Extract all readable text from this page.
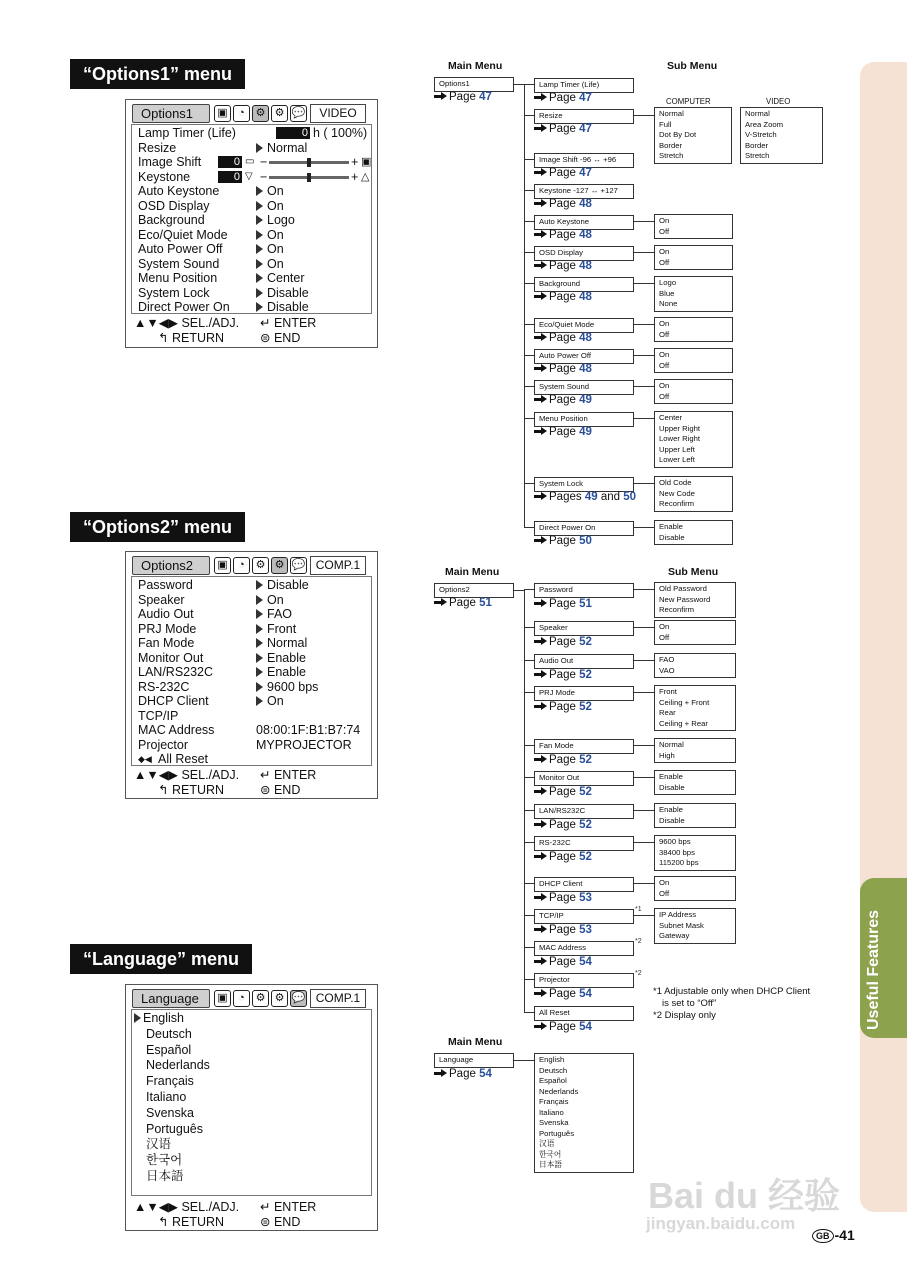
Useful Features
“Options1” menu
Options1	▣ ◔ ⚙ ⚙ 💬	VIDEO
Lamp Timer (Life)	0 h ( 100%)
Resize	Normal
Image Shift	0 ▭ −	+ ▣
Keystone	0 ▽ −	+ △
Auto Keystone	On
OSD Display	On
Background	Logo
Eco/Quiet Mode	On
Auto Power Off	On
System Sound	On
Menu Position	Center
System Lock	Disable
Direct Power On	Disable
▲▼◀▶ SEL./ADJ. ↵ ENTER
↰ RETURN	⊜ END
“Options2” menu
Options2	▣ ◔ ⚙ ⚙ 💬 COMP.1
Password	Disable
Speaker	On
Audio Out	FAO
PRJ Mode	Front
Fan Mode	Normal
Monitor Out	Enable
LAN/RS232C	Enable
RS-232C	9600 bps
DHCP Client	On
TCP/IP
MAC Address	08:00:1F:B1:B7:74
Projector	MYPROJECTOR
All Reset
◆◀
▲▼◀▶ SEL./ADJ. ↵ ENTER
↰ RETURN	⊜ END
“Language” menu
Language	▣ ◔ ⚙ ⚙ 💬 COMP.1
English
Deutsch
Español
Nederlands
Français
Italiano
Svenska
Português
汉语
한국어
日本語
▲▼◀▶ SEL./ADJ. ↵ ENTER
↰ RETURN	⊜ END
Main Menu	Sub Menu
Options1
Page 47
Lamp Timer (Life)
Page 47
Resize
Page 47
Image Shift -96 ↔ +96
Page 47
Keystone -127 ↔ +127
Page 48
Auto Keystone
Page 48
OSD Display
Page 48
Background
Page 48
Eco/Quiet Mode
Page 48
Auto Power Off
Page 48
System Sound
Page 49
Menu Position
Page 49
System Lock
Pages 49 and 50
Direct Power On
Page 50
COMPUTER	VIDEO
Normal
Full
Dot By Dot
Border
Stretch
Normal
Area Zoom
V-Stretch
Border
Stretch
On
Off
On
Off
Logo
Blue
None
On
Off
On
Off
On
Off
Center
Upper Right
Lower Right
Upper Left
Lower Left
Old Code
New Code
Reconfirm
Enable
Disable
Main Menu	Sub Menu
Options2
Page 51
Password
Page 51
Speaker
Page 52
Audio Out
Page 52
PRJ Mode
Page 52
Fan Mode
Page 52
Monitor Out
Page 52
LAN/RS232C
Page 52
RS-232C
Page 52
DHCP Client
Page 53
TCP/IP
*1
Page 53
MAC Address
*2
Page 54
Projector
*2
Page 54
All Reset
Page 54
Old Password
New Password
Reconfirm
On
Off
FAO
VAO
Front
Ceiling + Front
Rear
Ceiling + Rear
Normal
High
Enable
Disable
Enable
Disable
9600 bps
38400 bps
115200 bps
On
Off
IP Address
Subnet Mask
Gateway
Main Menu
Language
Page 54
English
Deutsch
Español
Nederlands
Français
Italiano
Svenska
Português
汉语
한국어
日本語
*1 Adjustable only when DHCP Client
is set to “Off”
*2 Display only
Bai du 经验
jingyan.baidu.com
GB -41
